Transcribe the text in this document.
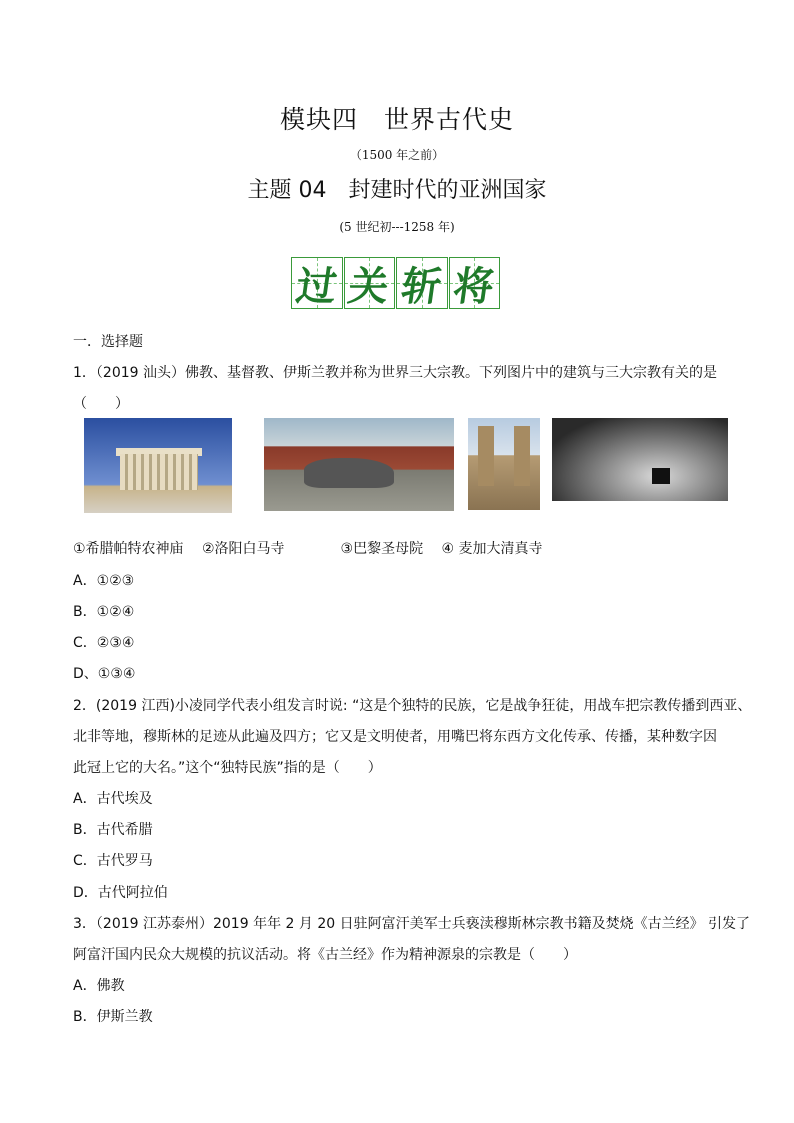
模块四 世界古代史
（1500 年之前）
主题 04　封建时代的亚洲国家
(5 世纪初---1258 年)
过 关 斩 将
一．选择题
1．（2019 汕头）佛教、基督教、伊斯兰教并称为世界三大宗教。下列图片中的建筑与三大宗教有关的是
（　　）
①希腊帕特农神庙　 ②洛阳白马寺　　　　③巴黎圣母院　 ④ 麦加大清真寺
A．①②③
B．①②④
C．②③④
D、①③④
2．(2019 江西)小凌同学代表小组发言时说: “这是个独特的民族，它是战争狂徒，用战车把宗教传播到西亚、
北非等地，穆斯林的足迹从此遍及四方；它又是文明使者，用嘴巴将东西方文化传承、传播，某种数字因
此冠上它的大名。”这个“独特民族”指的是（　　）
A．古代埃及
B．古代希腊
C．古代罗马
D．古代阿拉伯
3．（2019 江苏泰州）2019 年年 2 月 20 日驻阿富汗美军士兵亵渎穆斯林宗教书籍及焚烧《古兰经》 引发了
阿富汗国内民众大规模的抗议活动。将《古兰经》作为精神源泉的宗教是（　　）
A．佛教
B．伊斯兰教
